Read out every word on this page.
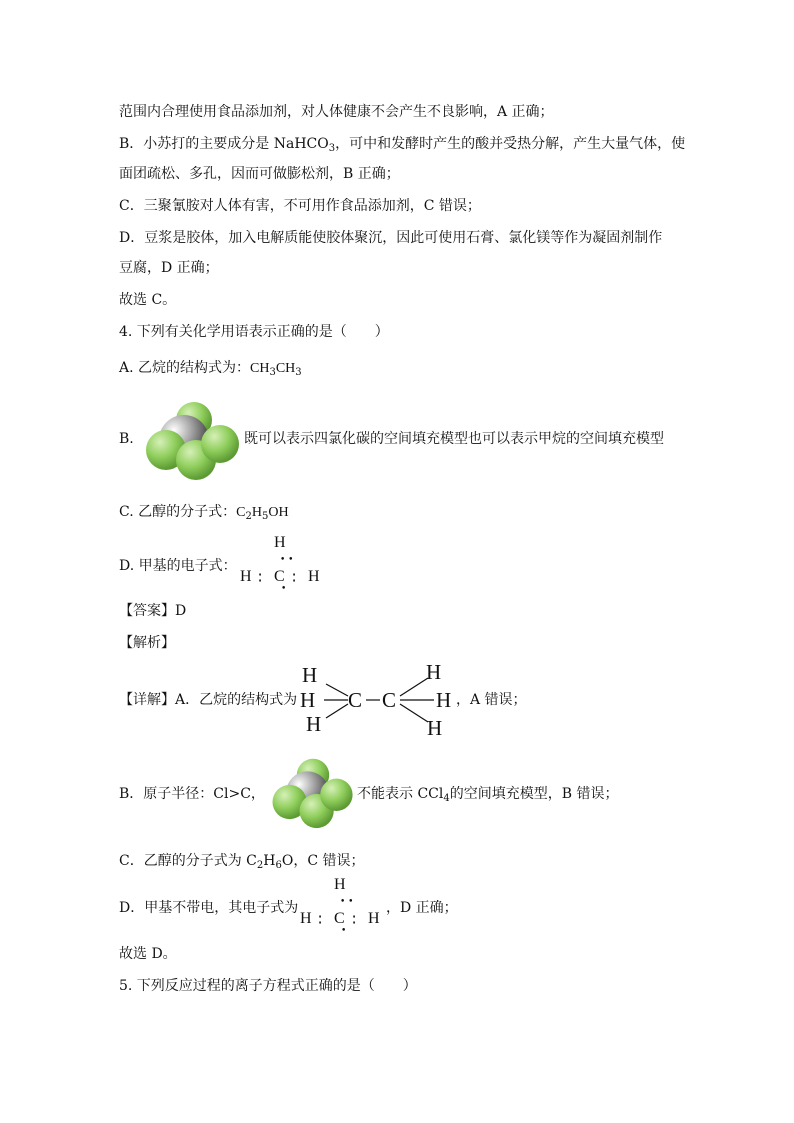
范围内合理使用食品添加剂，对人体健康不会产生不良影响，A 正确；
B．小苏打的主要成分是 NaHCO$_3$，可中和发酵时产生的酸并受热分解，产生大量气体，使
面团疏松、多孔，因而可做膨松剂，B 正确；
C．三聚氰胺对人体有害，不可用作食品添加剂，C 错误；
D．豆浆是胶体，加入电解质能使胶体聚沉，因此可使用石膏、氯化镁等作为凝固剂制作
豆腐，D 正确；
故选 C。
4. 下列有关化学用语表示正确的是（　　）
A. 乙烷的结构式为：$CH_3CH_3$
B.	既可以表示四氯化碳的空间填充模型也可以表示甲烷的空间填充模型
C. 乙醇的分子式：$C_2H_5OH$
D. 甲基的电子式：
H
• •
H ∶ C ∶ H
•
【答案】D
【解析】
【详解】A．乙烷的结构式为
H
H
H
C C
H
H
H
，A 错误；
B．原子半径：Cl>C，	不能表示 CCl$_4$的空间填充模型，B 错误；
C．乙醇的分子式为 $C_2H_6O$，C 错误；
D．甲基不带电，其电子式为
H
• •
H ∶ C ∶ H
•
，D 正确；
故选 D。
5. 下列反应过程的离子方程式正确的是（　　）
